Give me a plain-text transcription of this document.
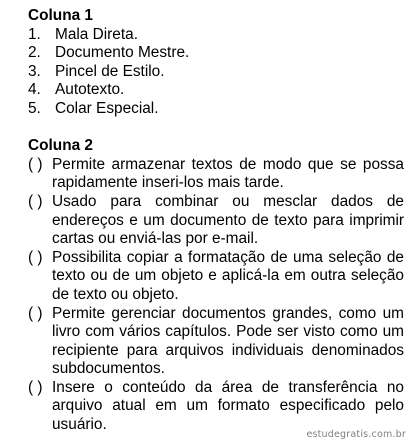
Coluna 1

1. Mala Direta.
2. Documento Mestre.
3. Pincel de Estilo.
4. Autotexto.
5. Colar Especial.

Coluna 2

( ) Permite armazenar textos de modo que se possa
rapidamente inseri-los mais tarde.
( ) Usado para combinar ou mesclar dados de
endereços e um documento de texto para imprimir
cartas ou enviá-las por e-mail.
( ) Possibilita copiar a formatação de uma seleção de
texto ou de um objeto e aplicá-la em outra seleção
de texto ou objeto.
( ) Permite gerenciar documentos grandes, como um
livro com vários capítulos. Pode ser visto como um
recipiente para arquivos individuais denominados
subdocumentos.
( ) Insere o conteúdo da área de transferência no
arquivo atual em um formato especificado pelo
usuário.
estudegratis.com.br
